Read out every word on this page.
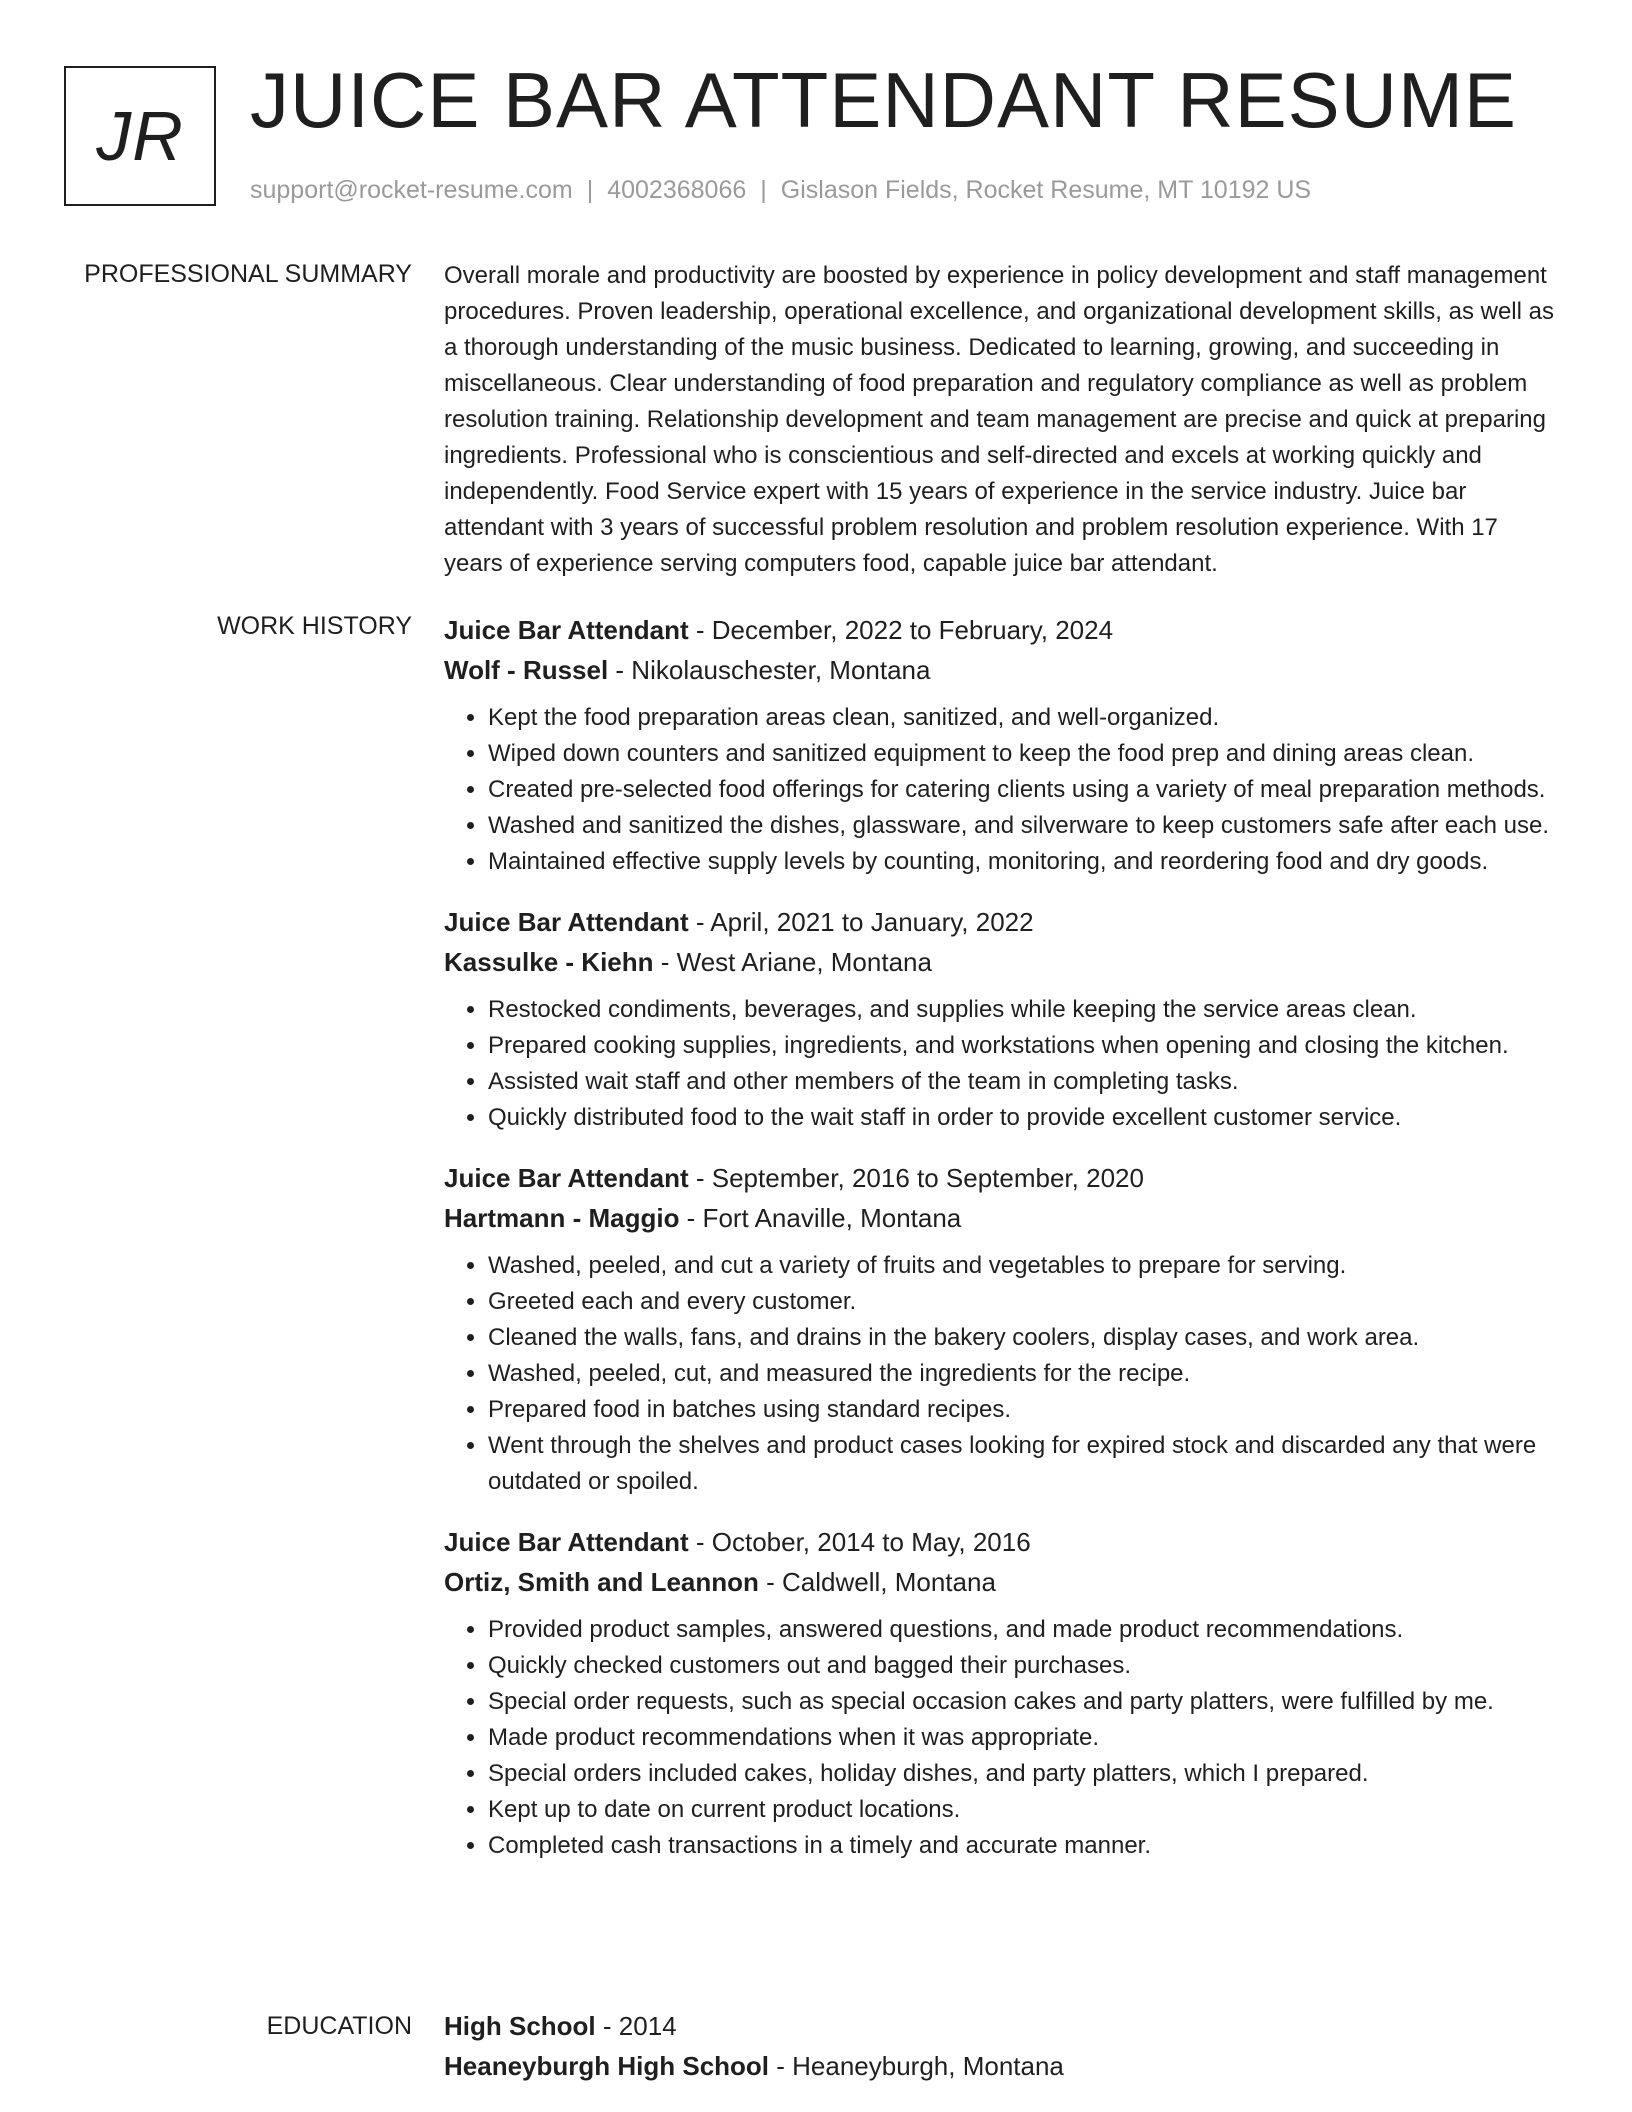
JR JUICE BAR ATTENDANT RESUME
support@rocket-resume.com | 4002368066 | Gislason Fields, Rocket Resume, MT 10192 US
PROFESSIONAL SUMMARY Overall morale and productivity are boosted by experience in policy development and staff management procedures. Proven leadership, operational excellence, and organizational development skills, as well as a thorough understanding of the music business. Dedicated to learning, growing, and succeeding in miscellaneous. Clear understanding of food preparation and regulatory compliance as well as problem resolution training. Relationship development and team management are precise and quick at preparing ingredients. Professional who is conscientious and self-directed and excels at working quickly and independently. Food Service expert with 15 years of experience in the service industry. Juice bar attendant with 3 years of successful problem resolution and problem resolution experience. With 17 years of experience serving computers food, capable juice bar attendant.

WORK HISTORY Juice Bar Attendant - December, 2022 to February, 2024
Wolf - Russel - Nikolauschester, Montana
• Kept the food preparation areas clean, sanitized, and well-organized.
• Wiped down counters and sanitized equipment to keep the food prep and dining areas clean.
• Created pre-selected food offerings for catering clients using a variety of meal preparation methods.
• Washed and sanitized the dishes, glassware, and silverware to keep customers safe after each use.
• Maintained effective supply levels by counting, monitoring, and reordering food and dry goods.
Juice Bar Attendant - April, 2021 to January, 2022
Kassulke - Kiehn - West Ariane, Montana
• Restocked condiments, beverages, and supplies while keeping the service areas clean.
• Prepared cooking supplies, ingredients, and workstations when opening and closing the kitchen.
• Assisted wait staff and other members of the team in completing tasks.
• Quickly distributed food to the wait staff in order to provide excellent customer service.
Juice Bar Attendant - September, 2016 to September, 2020
Hartmann - Maggio - Fort Anaville, Montana
• Washed, peeled, and cut a variety of fruits and vegetables to prepare for serving.
• Greeted each and every customer.
• Cleaned the walls, fans, and drains in the bakery coolers, display cases, and work area.
• Washed, peeled, cut, and measured the ingredients for the recipe.
• Prepared food in batches using standard recipes.
• Went through the shelves and product cases looking for expired stock and discarded any that were outdated or spoiled.
Juice Bar Attendant - October, 2014 to May, 2016
Ortiz, Smith and Leannon - Caldwell, Montana
• Provided product samples, answered questions, and made product recommendations.
• Quickly checked customers out and bagged their purchases.
• Special order requests, such as special occasion cakes and party platters, were fulfilled by me.
• Made product recommendations when it was appropriate.
• Special orders included cakes, holiday dishes, and party platters, which I prepared.
• Kept up to date on current product locations.
• Completed cash transactions in a timely and accurate manner.
EDUCATION High School - 2014
Heaneyburgh High School - Heaneyburgh, Montana
